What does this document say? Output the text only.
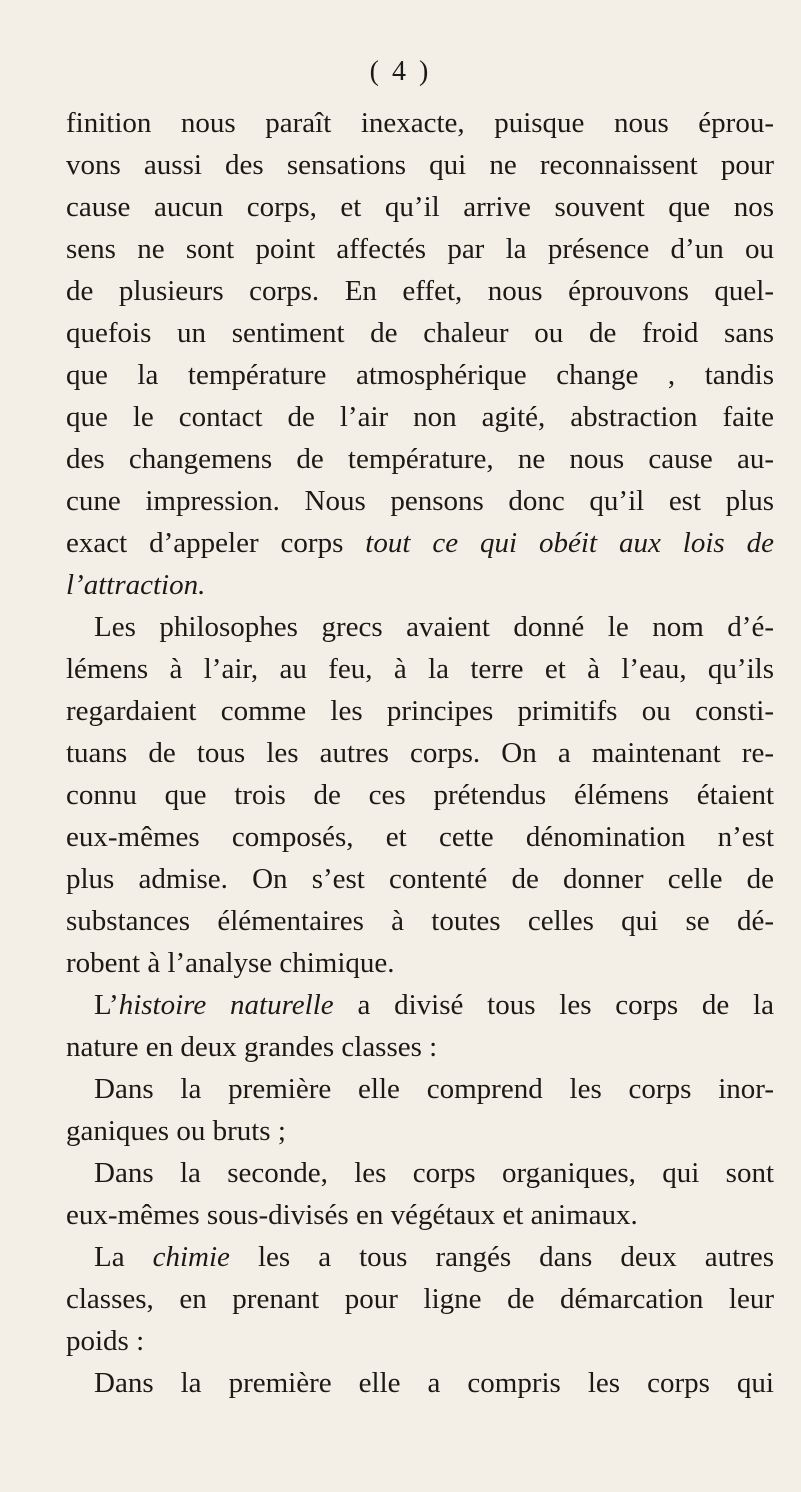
( 4 )
finition nous paraît inexacte, puisque nous éprou-
vons aussi des sensations qui ne reconnaissent pour
cause aucun corps, et qu’il arrive souvent que nos
sens ne sont point affectés par la présence d’un ou
de plusieurs corps. En effet, nous éprouvons quel-
quefois un sentiment de chaleur ou de froid sans
que la température atmosphérique change , tandis
que le contact de l’air non agité, abstraction faite
des changemens de température, ne nous cause au-
cune impression. Nous pensons donc qu’il est plus
exact d’appeler corps tout ce qui obéit aux lois de
l’attraction.
Les philosophes grecs avaient donné le nom d’é-
lémens à l’air, au feu, à la terre et à l’eau, qu’ils
regardaient comme les principes primitifs ou consti-
tuans de tous les autres corps. On a maintenant re-
connu que trois de ces prétendus élémens étaient
eux-mêmes composés, et cette dénomination n’est
plus admise. On s’est contenté de donner celle de
substances élémentaires à toutes celles qui se dé-
robent à l’analyse chimique.
L’histoire naturelle a divisé tous les corps de la
nature en deux grandes classes :
Dans la première elle comprend les corps inor-
ganiques ou bruts ;
Dans la seconde, les corps organiques, qui sont
eux-mêmes sous-divisés en végétaux et animaux.
La chimie les a tous rangés dans deux autres
classes, en prenant pour ligne de démarcation leur
poids :
Dans la première elle a compris les corps qui
